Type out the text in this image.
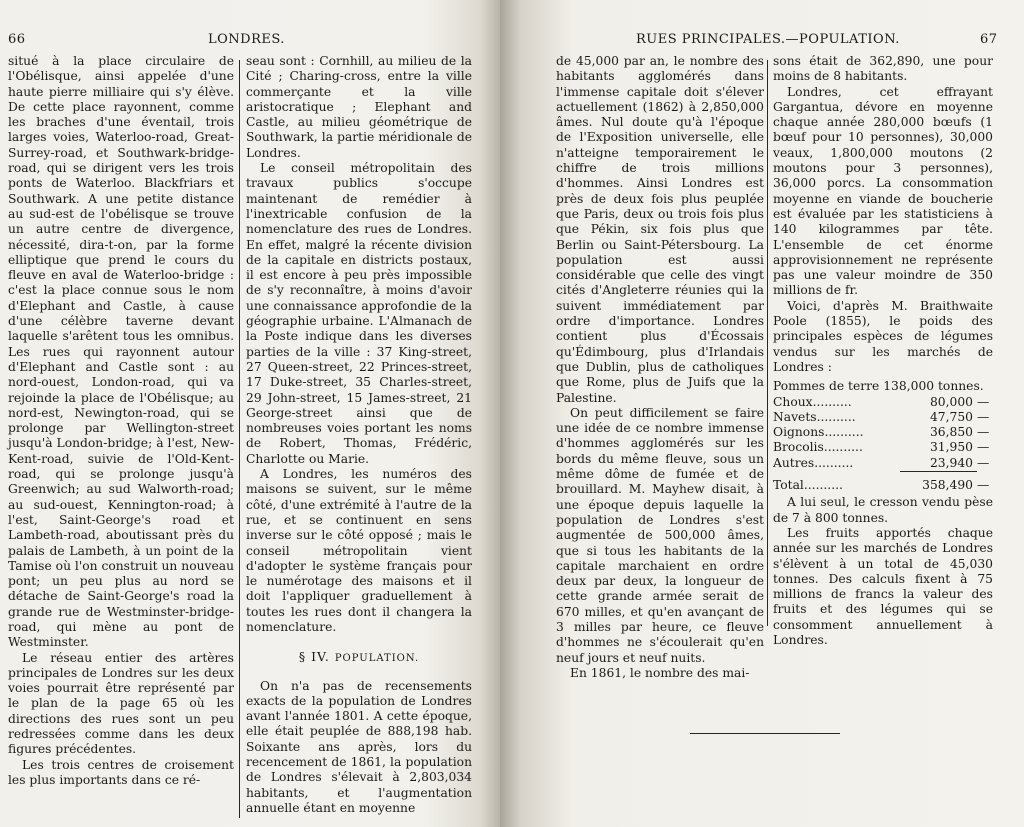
66	LONDRES.

situé à la place circulaire de l'Obélisque, ainsi appelée d'une haute pierre milliaire qui s'y élève. De cette place rayonnent, comme les braches d'une éventail, trois larges voies, Waterloo-road, Great-Surrey-road, et Southwark-bridge-road, qui se dirigent vers les trois ponts de Waterloo. Blackfriars et Southwark. A une petite distance au sud-est de l'obélisque se trouve un autre centre de divergence, nécessité, dira-t-on, par la forme elliptique que prend le cours du fleuve en aval de Waterloo-bridge : c'est la place connue sous le nom d'Elephant and Castle, à cause d'une célèbre taverne devant laquelle s'arêtent tous les omnibus. Les rues qui rayonnent autour d'Elephant and Castle sont : au nord-ouest, London-road, qui va rejoinde la place de l'Obélisque; au nord-est, Newington-road, qui se prolonge par Wellington-street jusqu'à London-bridge; à l'est, New-Kent-road, suivie de l'Old-Kent-road, qui se prolonge jusqu'à Greenwich; au sud Walworth-road; au sud-ouest, Kennington-road; à l'est, Saint-George's road et Lambeth-road, aboutissant près du palais de Lambeth, à un point de la Tamise où l'on construit un nouveau pont; un peu plus au nord se détache de Saint-George's road la grande rue de Westminster-bridge-road, qui mène au pont de Westminster.

Le réseau entier des artères principales de Londres sur les deux voies pourrait être représenté par le plan de la page 65 où les directions des rues sont un peu redressées comme dans les deux figures précédentes.

Les trois centres de croisement les plus importants dans ce ré-

seau sont : Cornhill, au milieu de la Cité ; Charing-cross, entre la ville commerçante et la ville aristocratique ; Elephant and Castle, au milieu géométrique de Southwark, la partie méridionale de Londres.

Le conseil métropolitain des travaux publics s'occupe maintenant de remédier à l'inextricable confusion de la nomenclature des rues de Londres. En effet, malgré la récente division de la capitale en districts postaux, il est encore à peu près impossible de s'y reconnaître, à moins d'avoir une connaissance approfondie de la géographie urbaine. L'Almanach de la Poste indique dans les diverses parties de la ville : 37 King-street, 27 Queen-street, 22 Princes-street, 17 Duke-street, 35 Charles-street, 29 John-street, 15 James-street, 21 George-street ainsi que de nombreuses voies portant les noms de Robert, Thomas, Frédéric, Charlotte ou Marie.

A Londres, les numéros des maisons se suivent, sur le même côté, d'une extrémité à l'autre de la rue, et se continuent en sens inverse sur le côté opposé ; mais le conseil métropolitain vient d'adopter le système français pour le numérotage des maisons et il doit l'appliquer graduellement à toutes les rues dont il changera la nomenclature.

§ IV. POPULATION.

On n'a pas de recensements exacts de la population de Londres avant l'année 1801. A cette époque, elle était peuplée de 888,198 hab. Soixante ans après, lors du recencement de 1861, la population de Londres s'élevait à 2,803,034 habitants, et l'augmentation annuelle étant en moyenne

RUES PRINCIPALES.—POPULATION.	67

de 45,000 par an, le nombre des habitants agglomérés dans l'immense capitale doit s'élever actuellement (1862) à 2,850,000 âmes. Nul doute qu'à l'époque de l'Exposition universelle, elle n'atteigne temporairement le chiffre de trois millions d'hommes. Ainsi Londres est près de deux fois plus peuplée que Paris, deux ou trois fois plus que Pékin, six fois plus que Berlin ou Saint-Pétersbourg. La population est aussi considérable que celle des vingt cités d'Angleterre réunies qui la suivent immédiatement par ordre d'importance. Londres contient plus d'Écossais qu'Édimbourg, plus d'Irlandais que Dublin, plus de catholiques que Rome, plus de Juifs que la Palestine.

On peut difficilement se faire une idée de ce nombre immense d'hommes agglomérés sur les bords du même fleuve, sous un même dôme de fumée et de brouillard. M. Mayhew disait, à une époque depuis laquelle la population de Londres s'est augmentée de 500,000 âmes, que si tous les habitants de la capitale marchaient en ordre deux par deux, la longueur de cette grande armée serait de 670 milles, et qu'en avançant de 3 milles par heure, ce fleuve d'hommes ne s'écoulerait qu'en neuf jours et neuf nuits.

En 1861, le nombre des mai-

sons était de 362,890, une pour moins de 8 habitants.

Londres, cet effrayant Gargantua, dévore en moyenne chaque année 280,000 bœufs (1 bœuf pour 10 personnes), 30,000 veaux, 1,800,000 moutons (2 moutons pour 3 personnes), 36,000 porcs. La consommation moyenne en viande de boucherie est évaluée par les statisticiens à 140 kilogrammes par tête. L'ensemble de cet énorme approvisionnement ne représente pas une valeur moindre de 350 millions de fr.

Voici, d'après M. Braithwaite Poole (1855), le poids des principales espèces de légumes vendus sur les marchés de Londres :

Pommes de terre 138,000 tonnes.		
Choux..........	80,000	—
Navets..........	47,750	—
Oignons..........	36,850	—
Brocolis..........	31,950	—
Autres..........	23,940	—
Total..........	358,490	—

A lui seul, le cresson vendu pèse de 7 à 800 tonnes.

Les fruits apportés chaque année sur les marchés de Londres s'élèvent à un total de 45,030 tonnes. Des calculs fixent à 75 millions de francs la valeur des fruits et des légumes qui se consomment annuellement à Londres.
